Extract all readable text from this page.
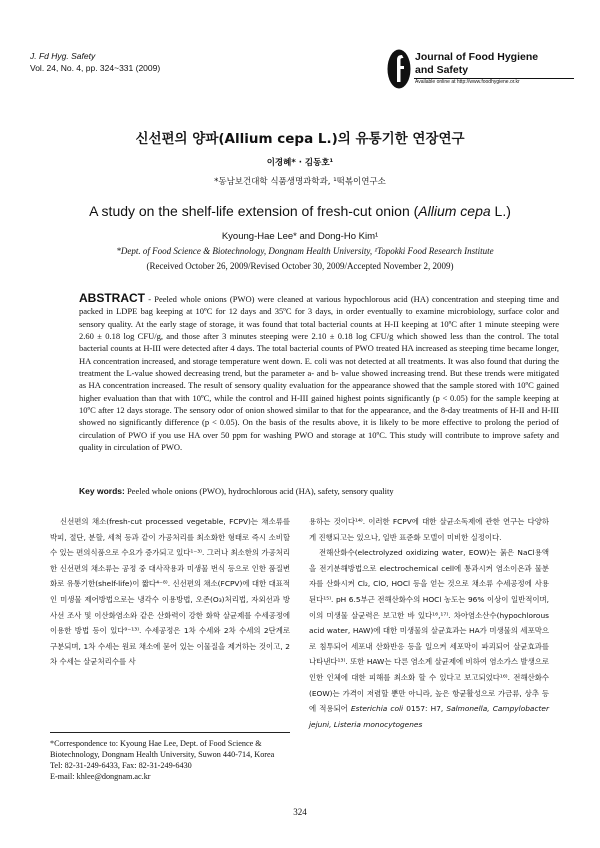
J. Fd Hyg. Safety
Vol. 24, No. 4, pp. 324~331 (2009)
Journal of Food Hygiene
and Safety
Available online at http://www.foodhygiene.or.kr
신선편의 양파(Allium cepa L.)의 유통기한 연장연구
이경혜* · 김동호¹
*동남보건대학 식품생명과학과, ¹떡볶이연구소
A study on the shelf-life extension of fresh-cut onion (Allium cepa L.)
Kyoung-Hae Lee* and Dong-Ho Kim¹
*Dept. of Food Science & Biotechnology, Dongnam Health University, ¹Topokki Food Research Institute
(Received October 26, 2009/Revised October 30, 2009/Accepted November 2, 2009)
ABSTRACT - Peeled whole onions (PWO) were cleaned at various hypochlorous acid (HA) concentration and steeping time and packed in LDPE bag keeping at 10ºC for 12 days and 35ºC for 3 days, in order eventually to examine microbiology, surface color and sensory quality. At the early stage of storage, it was found that total bacterial counts at H-II keeping at 10ºC after 1 minute steeping were 2.60 ± 0.18 log CFU/g, and those after 3 minutes steeping were 2.10 ± 0.18 log CFU/g which showed less than the control. The total bacterial counts at H-III were detected after 4 days. The total bacterial counts of PWO treated HA increased as steeping time became longer, HA concentration increased, and storage temperature went down. E. coli was not detected at all treatments. It was also found that during the treatment the L-value showed decreasing trend, but the parameter a- and b- value showed increasing trend. But these trends were mitigated as HA concentration increased. The result of sensory quality evaluation for the appearance showed that the sample stored with 10ºC gained higher evaluation than that with 10ºC, while the control and H-III gained highest points significantly (p < 0.05) for the sample keeping at 10ºC after 12 days storage. The sensory odor of onion showed similar to that for the appearance, and the 8-day treatments of H-II and H-III showed no significantly difference (p < 0.05). On the basis of the results above, it is likely to be more effective to prolong the period of circulation of PWO if you use HA over 50 ppm for washing PWO and storage at 10ºC. This study will contribute to improve safety and quality in circulation of PWO.
Key words: Peeled whole onions (PWO), hydrochlorous acid (HA), safety, sensory quality

신선편의 채소(fresh-cut processed vegetable, FCPV)는 채소류를 박피, 절단, 분할, 세척 등과 같이 가공처리를 최소화한 형태로 즉시 소비할 수 있는 편의식품으로 수요가 증가되고 있다¹⁻³⁾. 그러나 최소한의 가공처리한 신선편의 채소류는 공정 중 대사작용과 미생물 번식 등으로 인한 품질변화로 유통기한(shelf-life)이 짧다⁴⁻⁸⁾. 신선편의 채소(FCPV)에 대한 대표적인 미생물 제어방법으로는 냉각수 이용방법, 오존(O₃)처리법, 자외선과 방사선 조사 및 이산화염소와 같은 산화력이 강한 화학 살균제를 수세공정에 이용한 방법 등이 있다⁹⁻¹³⁾. 수세공정은 1차 수세와 2차 수세의 2단계로 구분되며, 1차 수세는 원료 채소에 묻어 있는 이물질을 제거하는 것이고, 2차 수세는 살균처리수를 사

용하는 것이다¹⁴⁾. 이러한 FCPV에 대한 살균소독제에 관한 연구는 다양하게 진행되고는 있으나, 일반 표준화 모델이 미비한 실정이다.

전해산화수(electrolyzed oxidizing water, EOW)는 묽은 NaCl용액을 전기분해방법으로 electrochemical cell에 통과시켜 염소이온과 물분자를 산화시켜 Cl₂, ClO, HOCl 등을 얻는 것으로 채소류 수세공정에 사용된다¹⁵⁾. pH 6.5부근 전해산화수의 HOCl 농도는 96% 이상이 일반적이며, 이의 미생물 살균력은 보고한 바 있다¹⁶,¹⁷⁾. 차아염소산수(hypochlorous acid water, HAW)에 대한 미생물의 살균효과는 HA가 미생물의 세포막으로 침투되어 세포내 산화반응 등을 일으켜 세포막이 파괴되어 살균효과를 나타낸다¹³⁾. 또한 HAW는 다른 염소계 살균제에 비하여 염소가스 발생으로 인한 인체에 대한 피해를 최소화 할 수 있다고 보고되었다¹⁶⁾. 전해산화수(EOW)는 가격이 저렴할 뿐만 아니라, 높은 항균활성으로 가금류, 상추 등에 적용되어 Esterichia coli 0157: H7, Salmonella, Campylobacter jejuni, Listeria monocytogenes

*Correspondence to: Kyoung Hae Lee, Dept. of Food Science & Biotechnology, Dongnam Health University, Suwon 440-714, Korea
Tel: 82-31-249-6433, Fax: 82-31-249-6430
E-mail: khlee@dongnam.ac.kr
324
